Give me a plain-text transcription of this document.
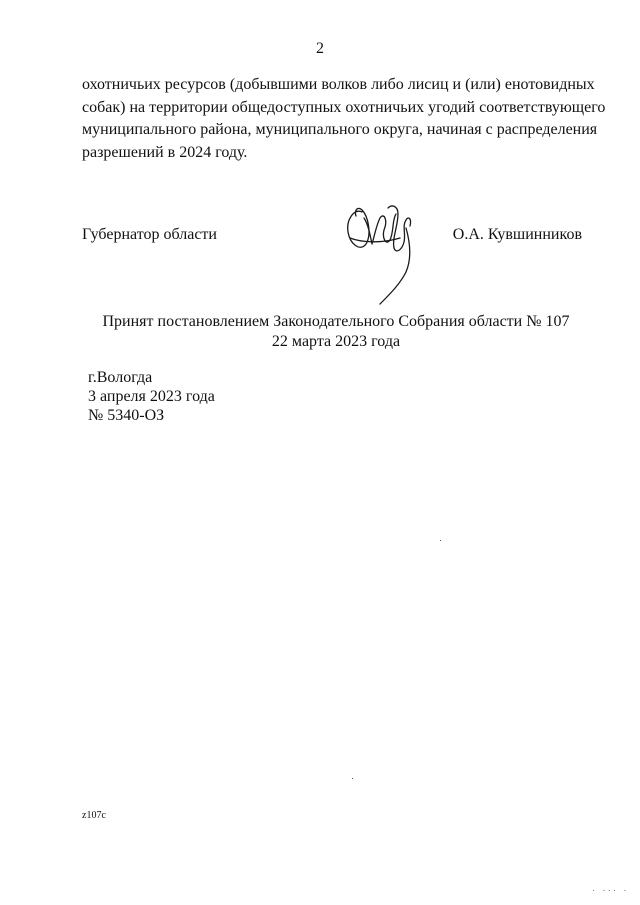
2
охотничьих ресурсов (добывшими волков либо лисиц и (или) енотовидных
собак) на территории общедоступных охотничьих угодий соответствующего
муниципального района, муниципального округа, начиная с распределения
разрешений в 2024 году.
Губернатор области	О.А. Кувшинников
Принят постановлением Законодательного Собрания области № 107
22 марта 2023 года
г.Вологда
3 апреля 2023 года
№ 5340-ОЗ
z107c
· ··· ·
